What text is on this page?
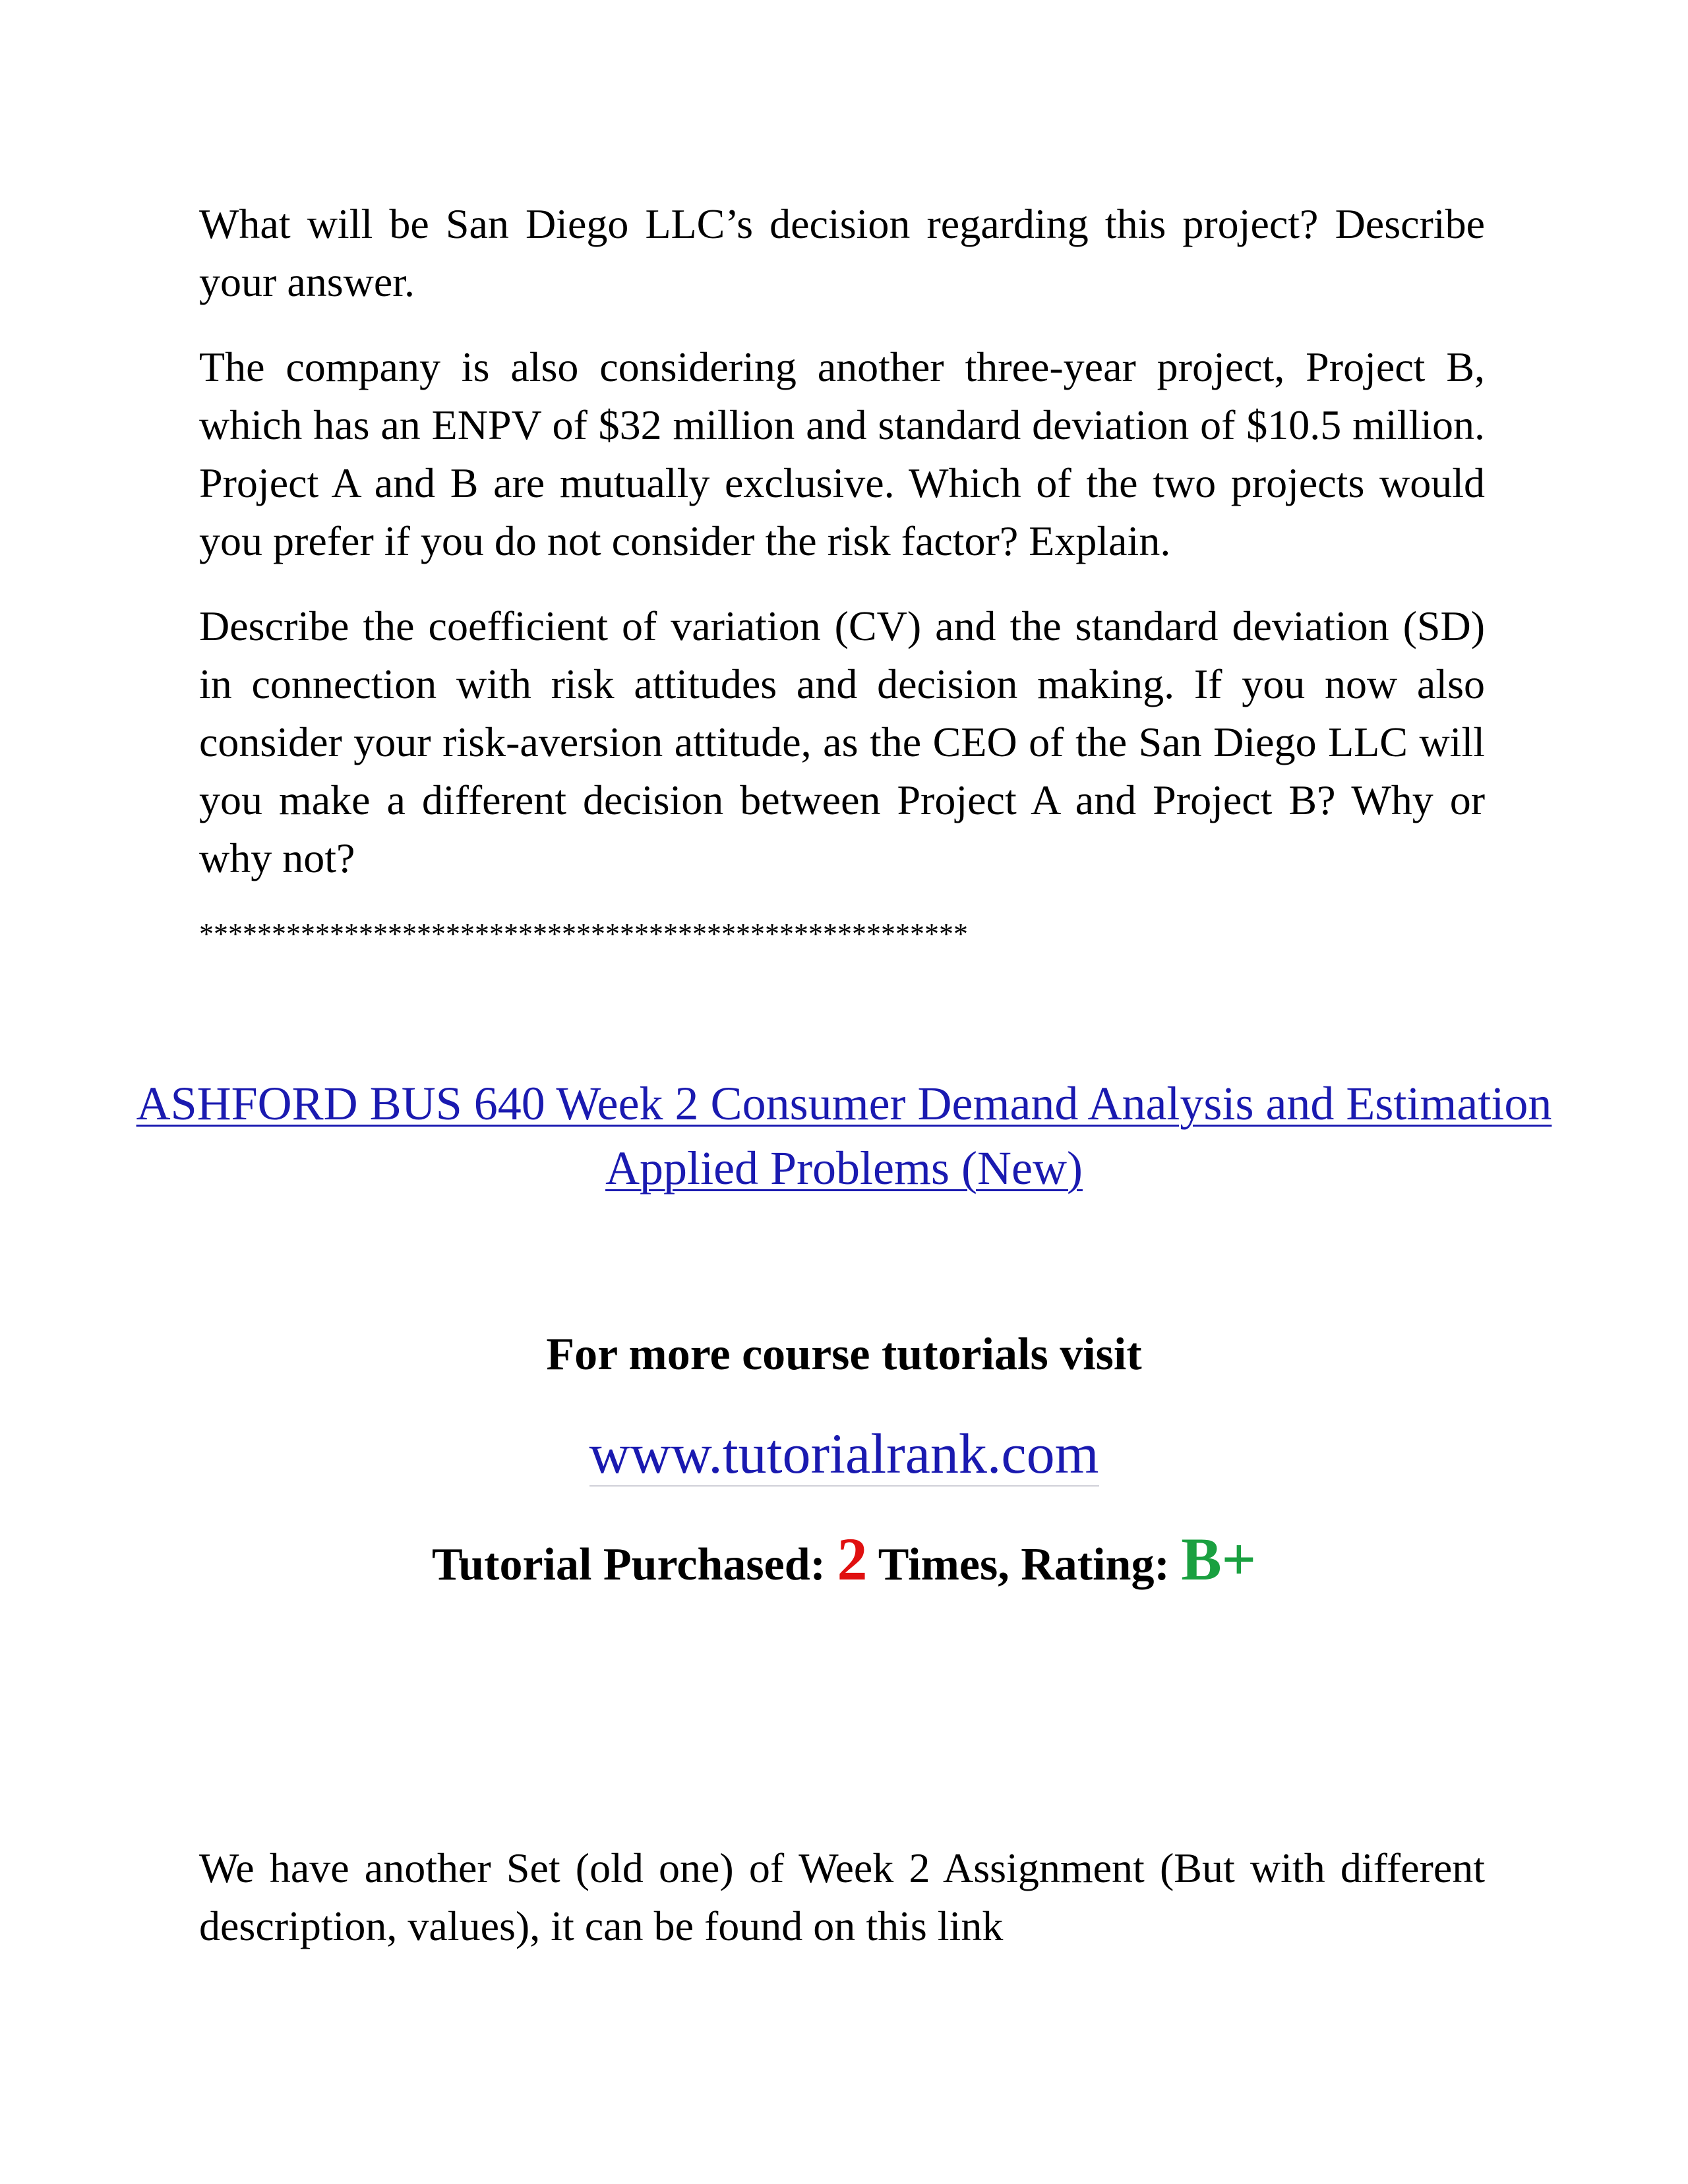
What will be San Diego LLC’s decision regarding this project? Describe your answer.

The company is also considering another three-year project, Project B, which has an ENPV of $32 million and standard deviation of $10.5 million. Project A and B are mutually exclusive. Which of the two projects would you prefer if you do not consider the risk factor? Explain.

Describe the coefficient of variation (CV) and the standard deviation (SD) in connection with risk attitudes and decision making. If you now also consider your risk-aversion attitude, as the CEO of the San Diego LLC will you make a different decision between Project A and Project B? Why or why not?

*****************************************************

ASHFORD BUS 640 Week 2 Consumer Demand Analysis and Estimation Applied Problems (New)

For more course tutorials visit

www.tutorialrank.com

Tutorial Purchased: 2 Times, Rating: B+

We have another Set (old one) of Week 2 Assignment (But with different description, values), it can be found on this link
